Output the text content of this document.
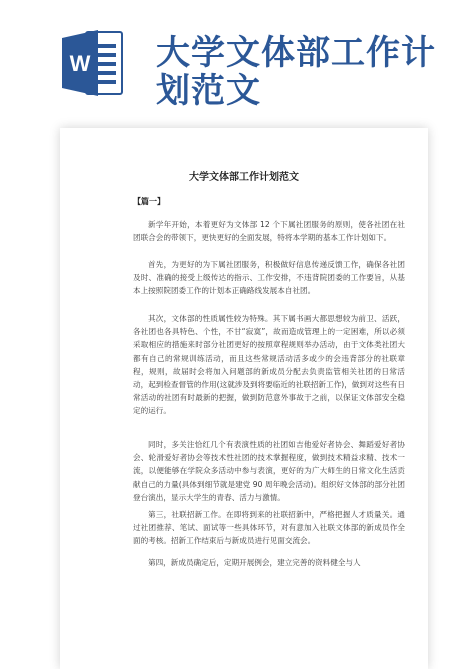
W 大学文体部工作计划范文
大学文体部工作计划范文
【篇一】

新学年开始，本着更好为文体部 12 个下属社团服务的原则，使各社团在社团联合会的带领下，更快更好的全面发展，特将本学期的基本工作计划如下。

首先，为更好的为下属社团服务，积极做好信息传递反馈工作，确保各社团及时、准确的接受上级传达的指示、工作安排，不违背院团委的工作要旨，从基本上按照院团委工作的计划本正确路线发展本自社团。

其次，文体部的性质属性较为特殊。其下属书画大都思想较为前卫、活跃，各社团也各具特色、个性，不甘“寂寞”，故而造成管理上的一定困难，所以必须采取相应的措施来时部分社团更好的按照章程规则举办活动，由于文体类社团大都有自己的常规训练活动，而且这些常规活动活多或少的会违背部分的社联章程，规则，故届时会将加入问题部的新成员分配去负责监管相关社团的日常活动，起到检查督管的作用(这就涉及到将要临近的社联招新工作)，做到对这些有日常活动的社团有时最新的把握，做到防范意外事故于之前，以保证文体部安全稳定的运行。

同时，多关注恰红几个有表演性质的社团如吉他爱好者协会、舞蹈爱好者协会、轮滑爱好者协会等技术性社团的技术掌握程度，做到技术精益求精、技术一流，以便能够在学院众多活动中参与表演，更好的为广大师生的日常文化生活贡献自己的力量(具体到细节就是建党 90 周年晚会活动)。组织好文体部的部分社团登台演出，显示大学生的青春、活力与激情。

第三，社联招新工作。在即将到来的社联招新中，严格把握人才质量关。通过社团推荐、笔试、面试等一些具体环节，对有意加入社联文体部的新成员作全面的考核。招新工作结束后与新成员进行见面交流会。

第四，新成员确定后，定期开展例会，建立完善的资料健全与人
